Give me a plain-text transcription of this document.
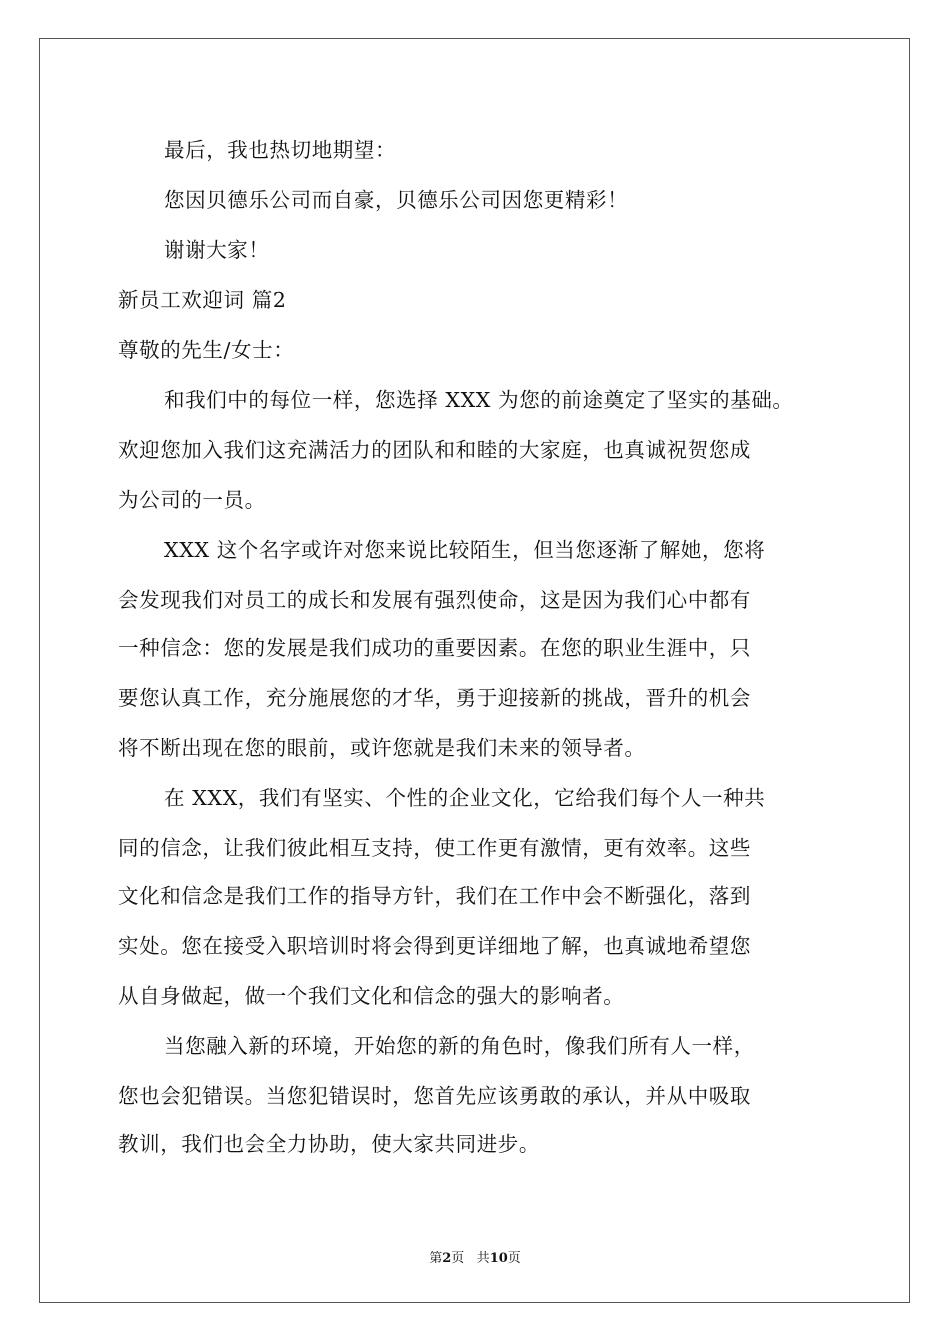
最后，我也热切地期望：
您因贝德乐公司而自豪，贝德乐公司因您更精彩！
谢谢大家！
新员工欢迎词 篇2
尊敬的先生/女士：
和我们中的每位一样，您选择 XXX 为您的前途奠定了坚实的基础。
欢迎您加入我们这充满活力的团队和和睦的大家庭，也真诚祝贺您成
为公司的一员。
XXX 这个名字或许对您来说比较陌生，但当您逐渐了解她，您将
会发现我们对员工的成长和发展有强烈使命，这是因为我们心中都有
一种信念：您的发展是我们成功的重要因素。在您的职业生涯中，只
要您认真工作，充分施展您的才华，勇于迎接新的挑战，晋升的机会
将不断出现在您的眼前，或许您就是我们未来的领导者。
在 XXX，我们有坚实、个性的企业文化，它给我们每个人一种共
同的信念，让我们彼此相互支持，使工作更有激情，更有效率。这些
文化和信念是我们工作的指导方针，我们在工作中会不断强化，落到
实处。您在接受入职培训时将会得到更详细地了解，也真诚地希望您
从自身做起，做一个我们文化和信念的强大的影响者。
当您融入新的环境，开始您的新的角色时，像我们所有人一样，
您也会犯错误。当您犯错误时，您首先应该勇敢的承认，并从中吸取
教训，我们也会全力协助，使大家共同进步。
第2页 共10页
